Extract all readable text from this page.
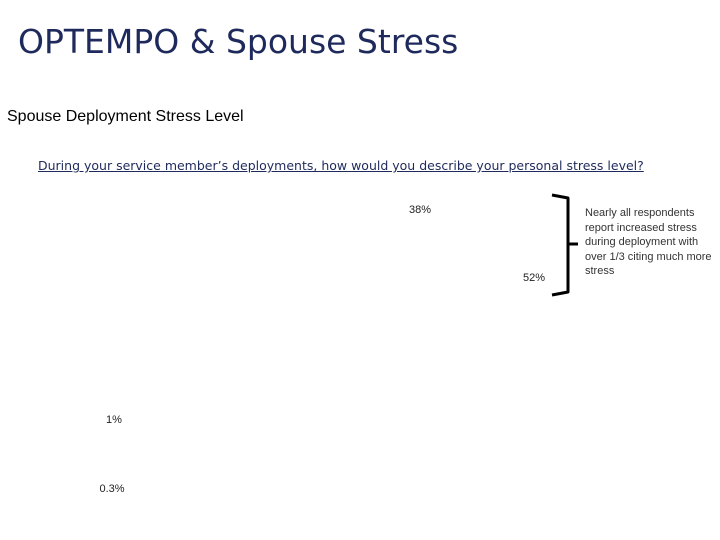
OPTEMPO & Spouse Stress
Spouse Deployment Stress Level
During your service member’s deployments, how would you describe your personal stress level?
38%
52%
1%
0.3%
Nearly all respondents
report increased stress
during deployment with
over 1/3 citing much more
stress
